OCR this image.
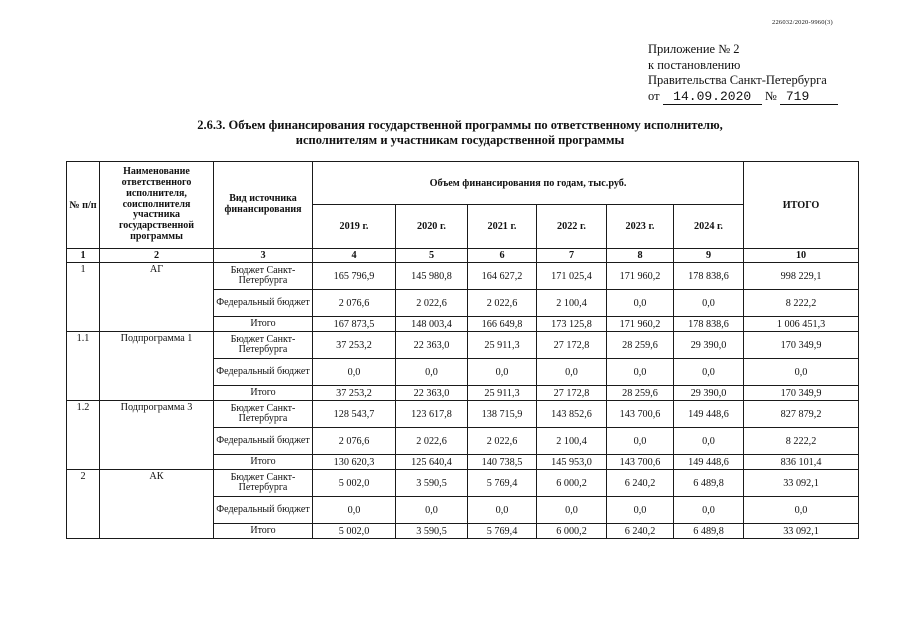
226032/2020-9960(3)
Приложение № 2
к постановлению
Правительства Санкт-Петербурга
от 14.09.2020 № 719
2.6.3. Объем финансирования государственной программы по ответственному исполнителю,
исполнителям и участникам государственной программы
№ п/п	Наименование ответственного исполнителя, соисполнителя участника государственной программы	Вид источника финансирования	Объем финансирования по годам, тыс.руб.						ИТОГО
			2019 г.	2020 г.	2021 г.	2022 г.	2023 г.	2024 г.	
1	2	3	4	5	6	7	8	9	10
1	АГ	Бюджет Санкт-Петербурга	165 796,9	145 980,8	164 627,2	171 025,4	171 960,2	178 838,6	998 229,1
		Федеральный бюджет	2 076,6	2 022,6	2 022,6	2 100,4	0,0	0,0	8 222,2
		Итого	167 873,5	148 003,4	166 649,8	173 125,8	171 960,2	178 838,6	1 006 451,3
1.1	Подпрограмма 1	Бюджет Санкт-Петербурга	37 253,2	22 363,0	25 911,3	27 172,8	28 259,6	29 390,0	170 349,9
		Федеральный бюджет	0,0	0,0	0,0	0,0	0,0	0,0	0,0
		Итого	37 253,2	22 363,0	25 911,3	27 172,8	28 259,6	29 390,0	170 349,9
1.2	Подпрограмма 3	Бюджет Санкт-Петербурга	128 543,7	123 617,8	138 715,9	143 852,6	143 700,6	149 448,6	827 879,2
		Федеральный бюджет	2 076,6	2 022,6	2 022,6	2 100,4	0,0	0,0	8 222,2
		Итого	130 620,3	125 640,4	140 738,5	145 953,0	143 700,6	149 448,6	836 101,4
2	АК	Бюджет Санкт-Петербурга	5 002,0	3 590,5	5 769,4	6 000,2	6 240,2	6 489,8	33 092,1
		Федеральный бюджет	0,0	0,0	0,0	0,0	0,0	0,0	0,0
		Итого	5 002,0	3 590,5	5 769,4	6 000,2	6 240,2	6 489,8	33 092,1
